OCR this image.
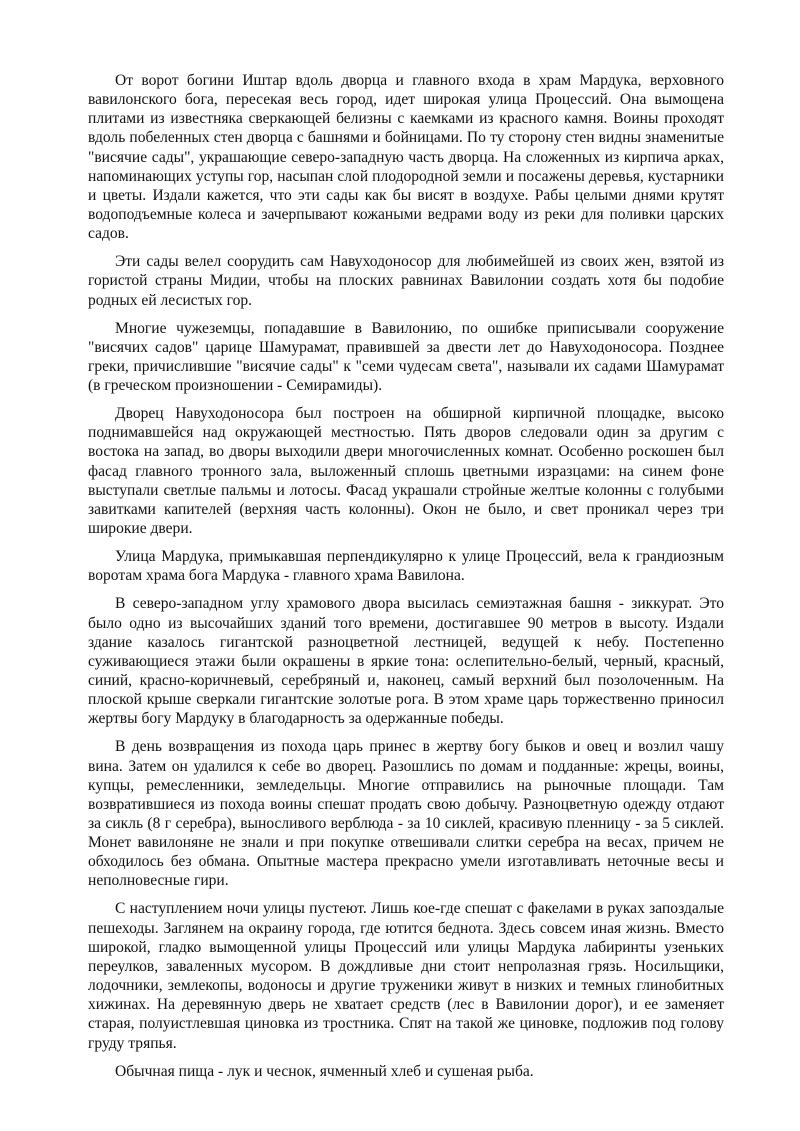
От ворот богини Иштар вдоль дворца и главного входа в храм Мардука, верховного вавилонского бога, пересекая весь город, идет широкая улица Процессий. Она вымощена плитами из известняка сверкающей белизны с каемками из красного камня. Воины проходят вдоль побеленных стен дворца с башнями и бойницами. По ту сторону стен видны знаменитые "висячие сады", украшающие северо-западную часть дворца. На сложенных из кирпича арках, напоминающих уступы гор, насыпан слой плодородной земли и посажены деревья, кустарники и цветы. Издали кажется, что эти сады как бы висят в воздухе. Рабы целыми днями крутят водоподъемные колеса и зачерпывают кожаными ведрами воду из реки для поливки царских садов.

Эти сады велел соорудить сам Навуходоносор для любимейшей из своих жен, взятой из гористой страны Мидии, чтобы на плоских равнинах Вавилонии создать хотя бы подобие родных ей лесистых гор.

Многие чужеземцы, попадавшие в Вавилонию, по ошибке приписывали сооружение "висячих садов" царице Шамурамат, правившей за двести лет до Навуходоносора. Позднее греки, причислившие "висячие сады" к "семи чудесам света", называли их садами Шамурамат (в греческом произношении - Семирамиды).

Дворец Навуходоносора был построен на обширной кирпичной площадке, высоко поднимавшейся над окружающей местностью. Пять дворов следовали один за другим с востока на запад, во дворы выходили двери многочисленных комнат. Особенно роскошен был фасад главного тронного зала, выложенный сплошь цветными изразцами: на синем фоне выступали светлые пальмы и лотосы. Фасад украшали стройные желтые колонны с голубыми завитками капителей (верхняя часть колонны). Окон не было, и свет проникал через три широкие двери.

Улица Мардука, примыкавшая перпендикулярно к улице Процессий, вела к грандиозным воротам храма бога Мардука - главного храма Вавилона.

В северо-западном углу храмового двора высилась семиэтажная башня - зиккурат. Это было одно из высочайших зданий того времени, достигавшее 90 метров в высоту. Издали здание казалось гигантской разноцветной лестницей, ведущей к небу. Постепенно суживающиеся этажи были окрашены в яркие тона: ослепительно-белый, черный, красный, синий, красно-коричневый, серебряный и, наконец, самый верхний был позолоченным. На плоской крыше сверкали гигантские золотые рога. В этом храме царь торжественно приносил жертвы богу Мардуку в благодарность за одержанные победы.

В день возвращения из похода царь принес в жертву богу быков и овец и возлил чашу вина. Затем он удалился к себе во дворец. Разошлись по домам и подданные: жрецы, воины, купцы, ремесленники, земледельцы. Многие отправились на рыночные площади. Там возвратившиеся из похода воины спешат продать свою добычу. Разноцветную одежду отдают за сикль (8 г серебра), выносливого верблюда - за 10 сиклей, красивую пленницу - за 5 сиклей. Монет вавилоняне не знали и при покупке отвешивали слитки серебра на весах, причем не обходилось без обмана. Опытные мастера прекрасно умели изготавливать неточные весы и неполновесные гири.

С наступлением ночи улицы пустеют. Лишь кое-где спешат с факелами в руках запоздалые пешеходы. Заглянем на окраину города, где ютится беднота. Здесь совсем иная жизнь. Вместо широкой, гладко вымощенной улицы Процессий или улицы Мардука лабиринты узеньких переулков, заваленных мусором. В дождливые дни стоит непролазная грязь. Носильщики, лодочники, землекопы, водоносы и другие труженики живут в низких и темных глинобитных хижинах. На деревянную дверь не хватает средств (лес в Вавилонии дорог), и ее заменяет старая, полуистлевшая циновка из тростника. Спят на такой же циновке, подложив под голову груду тряпья.

Обычная пища - лук и чеснок, ячменный хлеб и сушеная рыба.
